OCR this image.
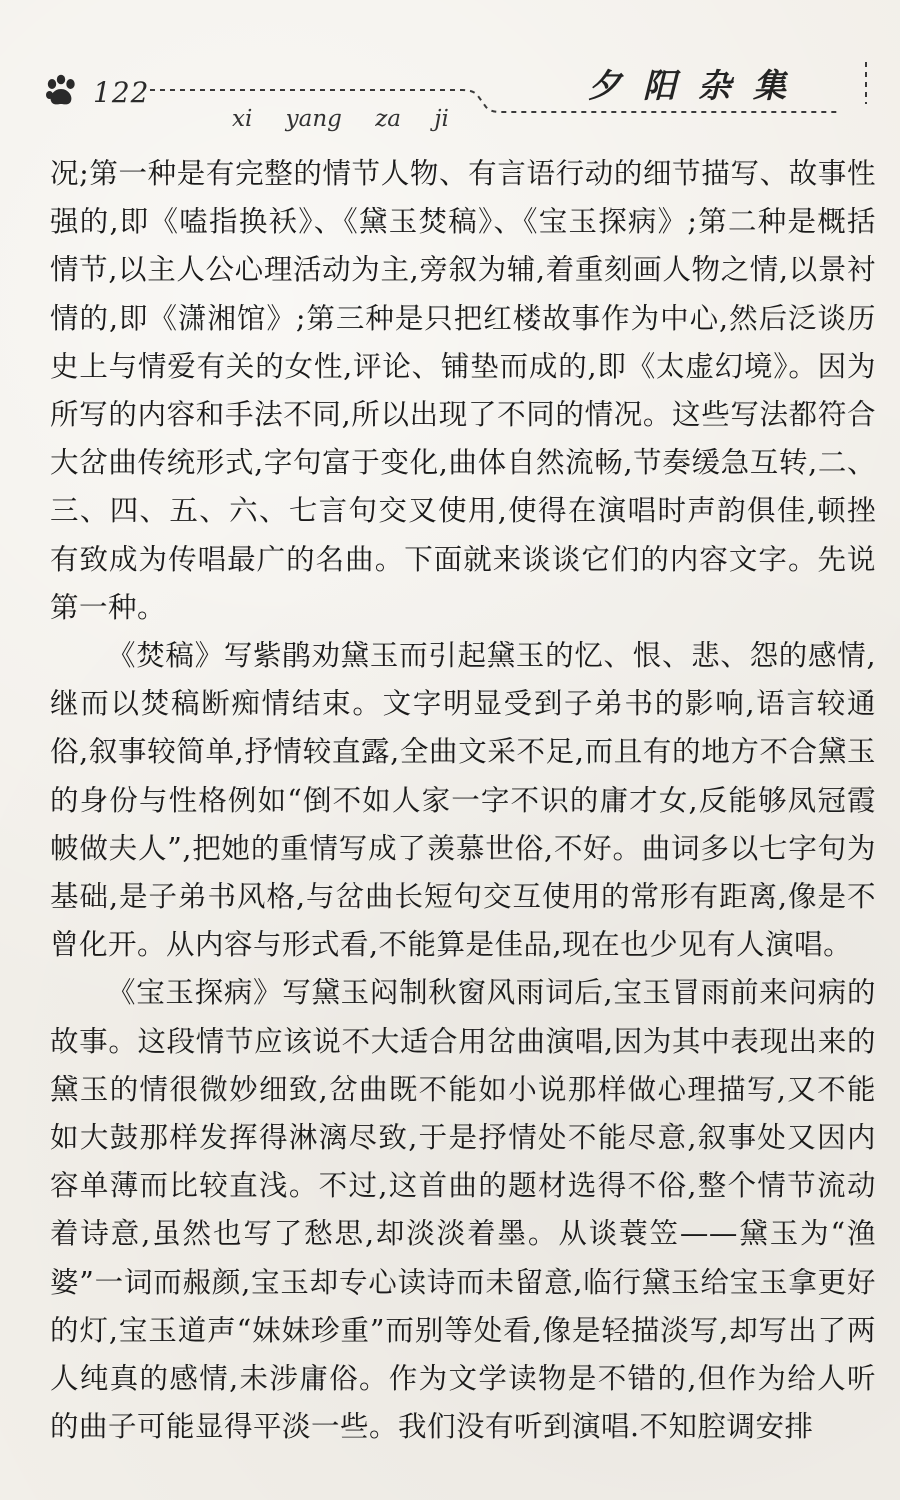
122	夕阳杂集
xi yang za ji

况;第一种是有完整的情节人物、有言语行动的细节描写、故事性强的,即《嗑指换袄》、《黛玉焚稿》、《宝玉探病》;第二种是概括情节,以主人公心理活动为主,旁叙为辅,着重刻画人物之情,以景衬情的,即《潇湘馆》;第三种是只把红楼故事作为中心,然后泛谈历史上与情爱有关的女性,评论、铺垫而成的,即《太虚幻境》。因为所写的内容和手法不同,所以出现了不同的情况。这些写法都符合大岔曲传统形式,字句富于变化,曲体自然流畅,节奏缓急互转,二、三、四、五、六、七言句交叉使用,使得在演唱时声韵俱佳,顿挫有致成为传唱最广的名曲。下面就来谈谈它们的内容文字。先说第一种。

《焚稿》写紫鹃劝黛玉而引起黛玉的忆、恨、悲、怨的感情,继而以焚稿断痴情结束。文字明显受到子弟书的影响,语言较通俗,叙事较简单,抒情较直露,全曲文采不足,而且有的地方不合黛玉的身份与性格例如“倒不如人家一字不识的庸才女,反能够凤冠霞帔做夫人”,把她的重情写成了羡慕世俗,不好。曲词多以七字句为基础,是子弟书风格,与岔曲长短句交互使用的常形有距离,像是不曾化开。从内容与形式看,不能算是佳品,现在也少见有人演唱。

《宝玉探病》写黛玉闷制秋窗风雨词后,宝玉冒雨前来问病的故事。这段情节应该说不大适合用岔曲演唱,因为其中表现出来的黛玉的情很微妙细致,岔曲既不能如小说那样做心理描写,又不能如大鼓那样发挥得淋漓尽致,于是抒情处不能尽意,叙事处又因内容单薄而比较直浅。不过,这首曲的题材选得不俗,整个情节流动着诗意,虽然也写了愁思,却淡淡着墨。从谈蓑笠——黛玉为“渔婆”一词而赧颜,宝玉却专心读诗而未留意,临行黛玉给宝玉拿更好的灯,宝玉道声“妹妹珍重”而别等处看,像是轻描淡写,却写出了两人纯真的感情,未涉庸俗。作为文学读物是不错的,但作为给人听的曲子可能显得平淡一些。我们没有听到演唱.不知腔调安排
